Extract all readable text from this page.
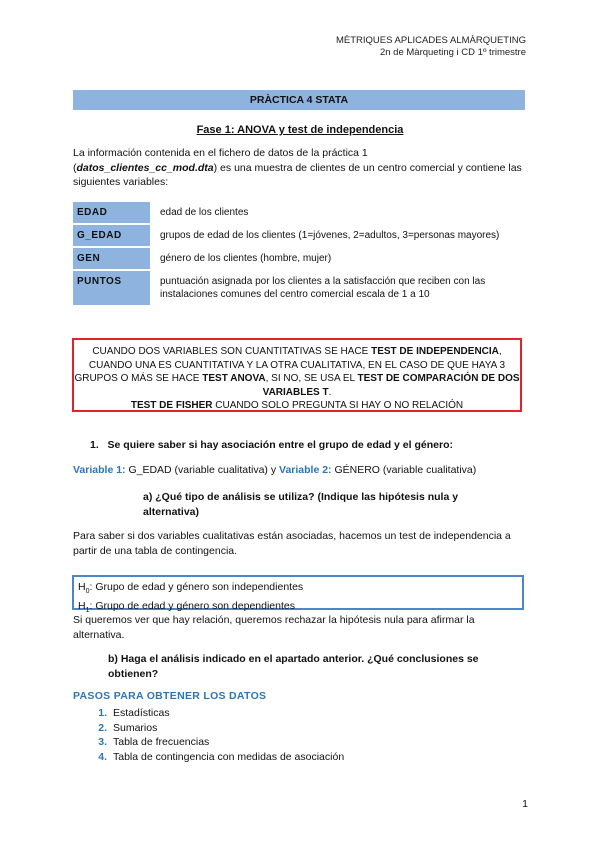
MÈTRIQUES APLICADES ALMÀRQUETING
2n de Màrqueting i CD 1º trimestre
PRÀCTICA 4 STATA
Fase 1: ANOVA y test de independencia
La información contenida en el fichero de datos de la práctica 1
(datos_clientes_cc_mod.dta) es una muestra de clientes de un centro comercial y contiene las siguientes variables:
EDAD	edad de los clientes
G_EDAD	grupos de edad de los clientes (1=jóvenes, 2=adultos, 3=personas mayores)
GEN	género de los clientes (hombre, mujer)
PUNTOS	puntuación asignada por los clientes a la satisfacción que reciben con las instalaciones comunes del centro comercial escala de 1 a 10
CUANDO DOS VARIABLES SON CUANTITATIVAS SE HACE TEST DE INDEPENDENCIA, CUANDO UNA ES CUANTITATIVA Y LA OTRA CUALITATIVA, EN EL CASO DE QUE HAYA 3 GRUPOS O MÁS SE HACE TEST ANOVA, SI NO, SE USA EL TEST DE COMPARACIÓN DE DOS VARIABLES T.
TEST DE FISHER CUANDO SOLO PREGUNTA SI HAY O NO RELACIÓN
1. Se quiere saber si hay asociación entre el grupo de edad y el género:
Variable 1: G_EDAD (variable cualitativa) y Variable 2: GÉNERO (variable cualitativa)
a) ¿Qué tipo de análisis se utiliza? (Indique las hipótesis nula y alternativa)
Para saber si dos variables cualitativas están asociadas, hacemos un test de independencia a partir de una tabla de contingencia.
$H_0$: Grupo de edad y género son independientes
$H_1$: Grupo de edad y género son dependientes
Si queremos ver que hay relación, queremos rechazar la hipótesis nula para afirmar la alternativa.
b) Haga el análisis indicado en el apartado anterior. ¿Qué conclusiones se obtienen?
PASOS PARA OBTENER LOS DATOS
1. Estadísticas
2. Sumarios
3. Tabla de frecuencias
4. Tabla de contingencia con medidas de asociación
1
